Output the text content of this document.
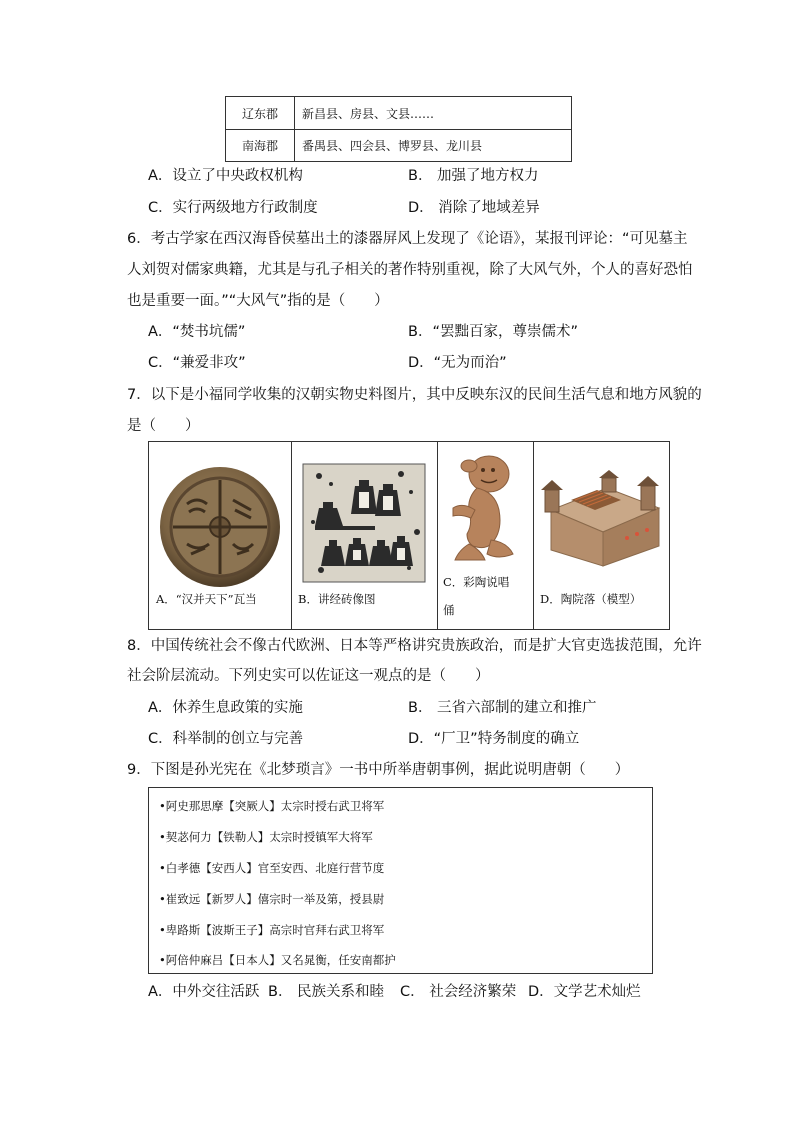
辽东郡	新昌县、房县、文县……
南海郡	番禺县、四会县、博罗县、龙川县
A．设立了中央政权机构	B． 加强了地方权力
C．实行两级地方行政制度	D． 消除了地域差异
6．考古学家在西汉海昏侯墓出土的漆器屏风上发现了《论语》，某报刊评论：“可见墓主
人刘贺对儒家典籍，尤其是与孔子相关的著作特别重视，除了大风气外，个人的喜好恐怕
也是重要一面。”“大风气”指的是（　　）
A．“焚书坑儒”	B．“罢黜百家，尊崇儒术”
C．“兼爱非攻”	D．“无为而治”
7．以下是小福同学收集的汉朝实物史料图片，其中反映东汉的民间生活气息和地方风貌的
是（　　）
A．“汉并天下”瓦当	B．讲经砖像图
C．彩陶说唱
俑
D．陶院落（模型）
8．中国传统社会不像古代欧洲、日本等严格讲究贵族政治，而是扩大官吏选拔范围，允许
社会阶层流动。下列史实可以佐证这一观点的是（　　）
A．休养生息政策的实施	B． 三省六部制的建立和推广
C．科举制的创立与完善	D．“厂卫”特务制度的确立
9．下图是孙光宪在《北梦琐言》一书中所举唐朝事例，据此说明唐朝（　　）
•阿史那思摩【突厥人】太宗时授右武卫将军
•契苾何力【铁勒人】太宗时授镇军大将军
•白孝德【安西人】官至安西、北庭行营节度
•崔致远【新罗人】僖宗时一举及第，授县尉
•卑路斯【波斯王子】高宗时官拜右武卫将军
•阿倍仲麻吕【日本人】又名晁衡，任安南都护
A．中外交往活跃 B． 民族关系和睦 C． 社会经济繁荣 D．文学艺术灿烂
